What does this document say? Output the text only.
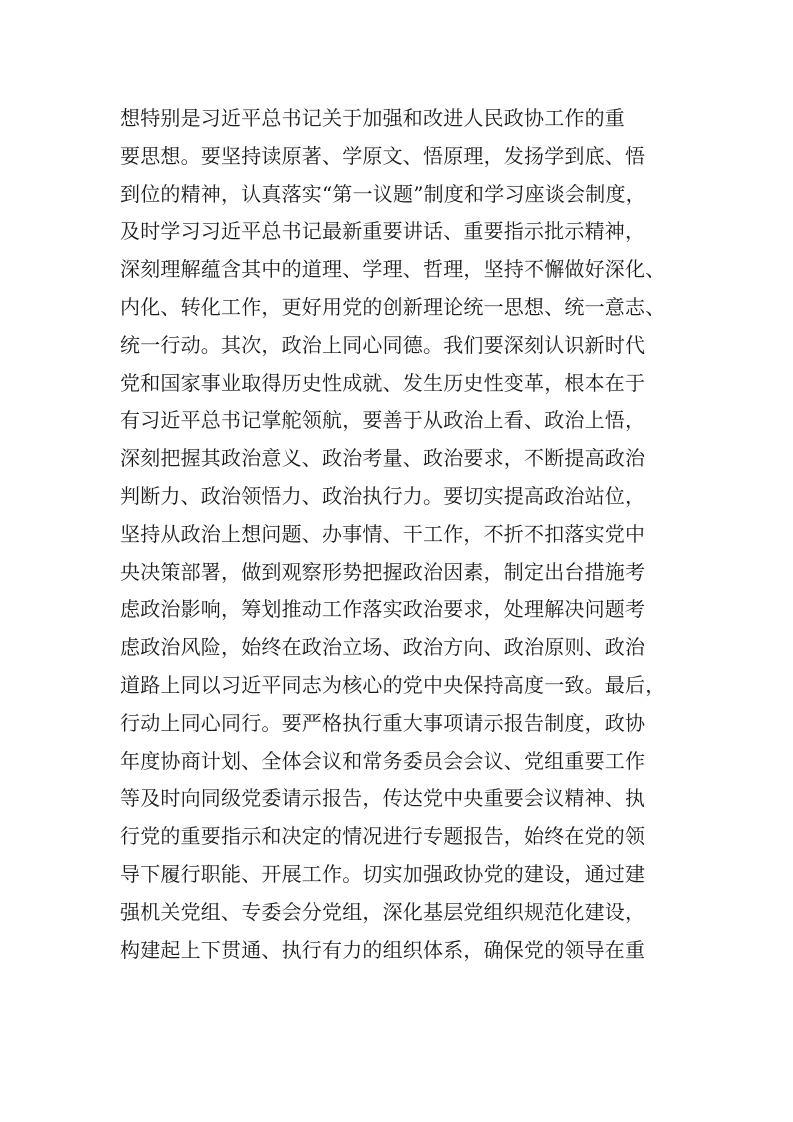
想特别是习近平总书记关于加强和改进人民政协工作的重
要思想。要坚持读原著、学原文、悟原理，发扬学到底、悟
到位的精神，认真落实“第一议题”制度和学习座谈会制度，
及时学习习近平总书记最新重要讲话、重要指示批示精神，
深刻理解蕴含其中的道理、学理、哲理，坚持不懈做好深化、
内化、转化工作，更好用党的创新理论统一思想、统一意志、
统一行动。其次，政治上同心同德。我们要深刻认识新时代
党和国家事业取得历史性成就、发生历史性变革，根本在于
有习近平总书记掌舵领航，要善于从政治上看、政治上悟，
深刻把握其政治意义、政治考量、政治要求，不断提高政治
判断力、政治领悟力、政治执行力。要切实提高政治站位，
坚持从政治上想问题、办事情、干工作，不折不扣落实党中
央决策部署，做到观察形势把握政治因素，制定出台措施考
虑政治影响，筹划推动工作落实政治要求，处理解决问题考
虑政治风险，始终在政治立场、政治方向、政治原则、政治
道路上同以习近平同志为核心的党中央保持高度一致。最后，
行动上同心同行。要严格执行重大事项请示报告制度，政协
年度协商计划、全体会议和常务委员会会议、党组重要工作
等及时向同级党委请示报告，传达党中央重要会议精神、执
行党的重要指示和决定的情况进行专题报告，始终在党的领
导下履行职能、开展工作。切实加强政协党的建设，通过建
强机关党组、专委会分党组，深化基层党组织规范化建设，
构建起上下贯通、执行有力的组织体系，确保党的领导在重
